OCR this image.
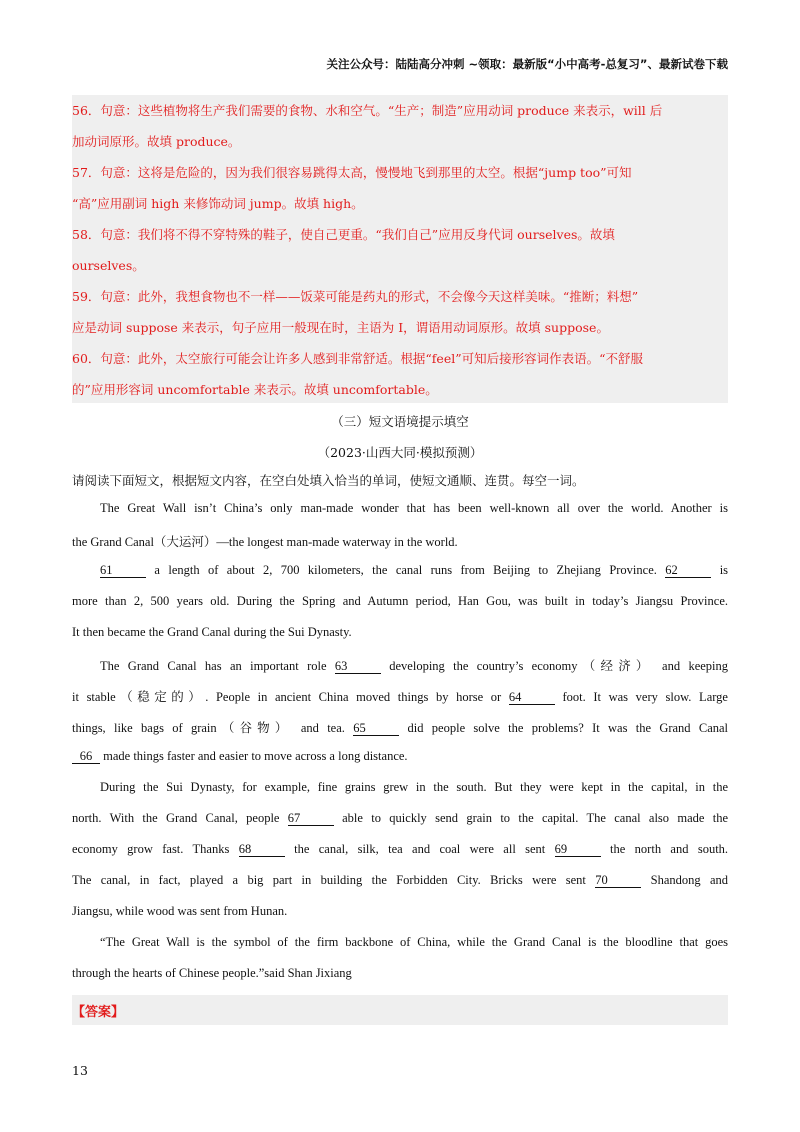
关注公众号：陆陆高分冲刺 ~领取：最新版“小中高考-总复习”、最新试卷下载
56．句意：这些植物将生产我们需要的食物、水和空气。“生产；制造”应用动词 produce 来表示，will 后
加动词原形。故填 produce。
57．句意：这将是危险的，因为我们很容易跳得太高，慢慢地飞到那里的太空。根据“jump too”可知
“高”应用副词 high 来修饰动词 jump。故填 high。
58．句意：我们将不得不穿特殊的鞋子，使自己更重。“我们自己”应用反身代词 ourselves。故填
ourselves。
59．句意：此外，我想食物也不一样——饭菜可能是药丸的形式，不会像今天这样美味。“推断；料想”
应是动词 suppose 来表示，句子应用一般现在时，主语为 I，谓语用动词原形。故填 suppose。
60．句意：此外，太空旅行可能会让许多人感到非常舒适。根据“feel”可知后接形容词作表语。“不舒服
的”应用形容词 uncomfortable 来表示。故填 uncomfortable。
（三）短文语境提示填空
（2023·山西大同·模拟预测）
请阅读下面短文，根据短文内容，在空白处填入恰当的单词，使短文通顺、连贯。每空一词。
The Great Wall isn’t China’s only man-made wonder that has been well-known all over the world. Another is
the Grand Canal（大运河）—the longest man-made waterway in the world.
61	a length of about 2, 700 kilometers, the canal runs from Beijing to Zhejiang Province. 62	is
more than 2, 500 years old. During the Spring and Autumn period, Han Gou, was built in today’s Jiangsu Province.
It then became the Grand Canal during the Sui Dynasty.
The Grand Canal has an important role 63	developing the country’s economy（经济） and keeping
it stable（稳定的）. People in ancient China moved things by horse or 64	foot. It was very slow. Large
things, like bags of grain（谷物） and tea. 65	did people solve the problems? It was the Grand Canal
66 made things faster and easier to move across a long distance.
During the Sui Dynasty, for example, fine grains grew in the south. But they were kept in the capital, in the
north. With the Grand Canal, people 67	able to quickly send grain to the capital. The canal also made the
economy grow fast. Thanks 68	the canal, silk, tea and coal were all sent 69	the north and south.
The canal, in fact, played a big part in building the Forbidden City. Bricks were sent 70	Shandong and
Jiangsu, while wood was sent from Hunan.
“The Great Wall is the symbol of the firm backbone of China, while the Grand Canal is the bloodline that goes
through the hearts of Chinese people.”said Shan Jixiang
【答案】
13
